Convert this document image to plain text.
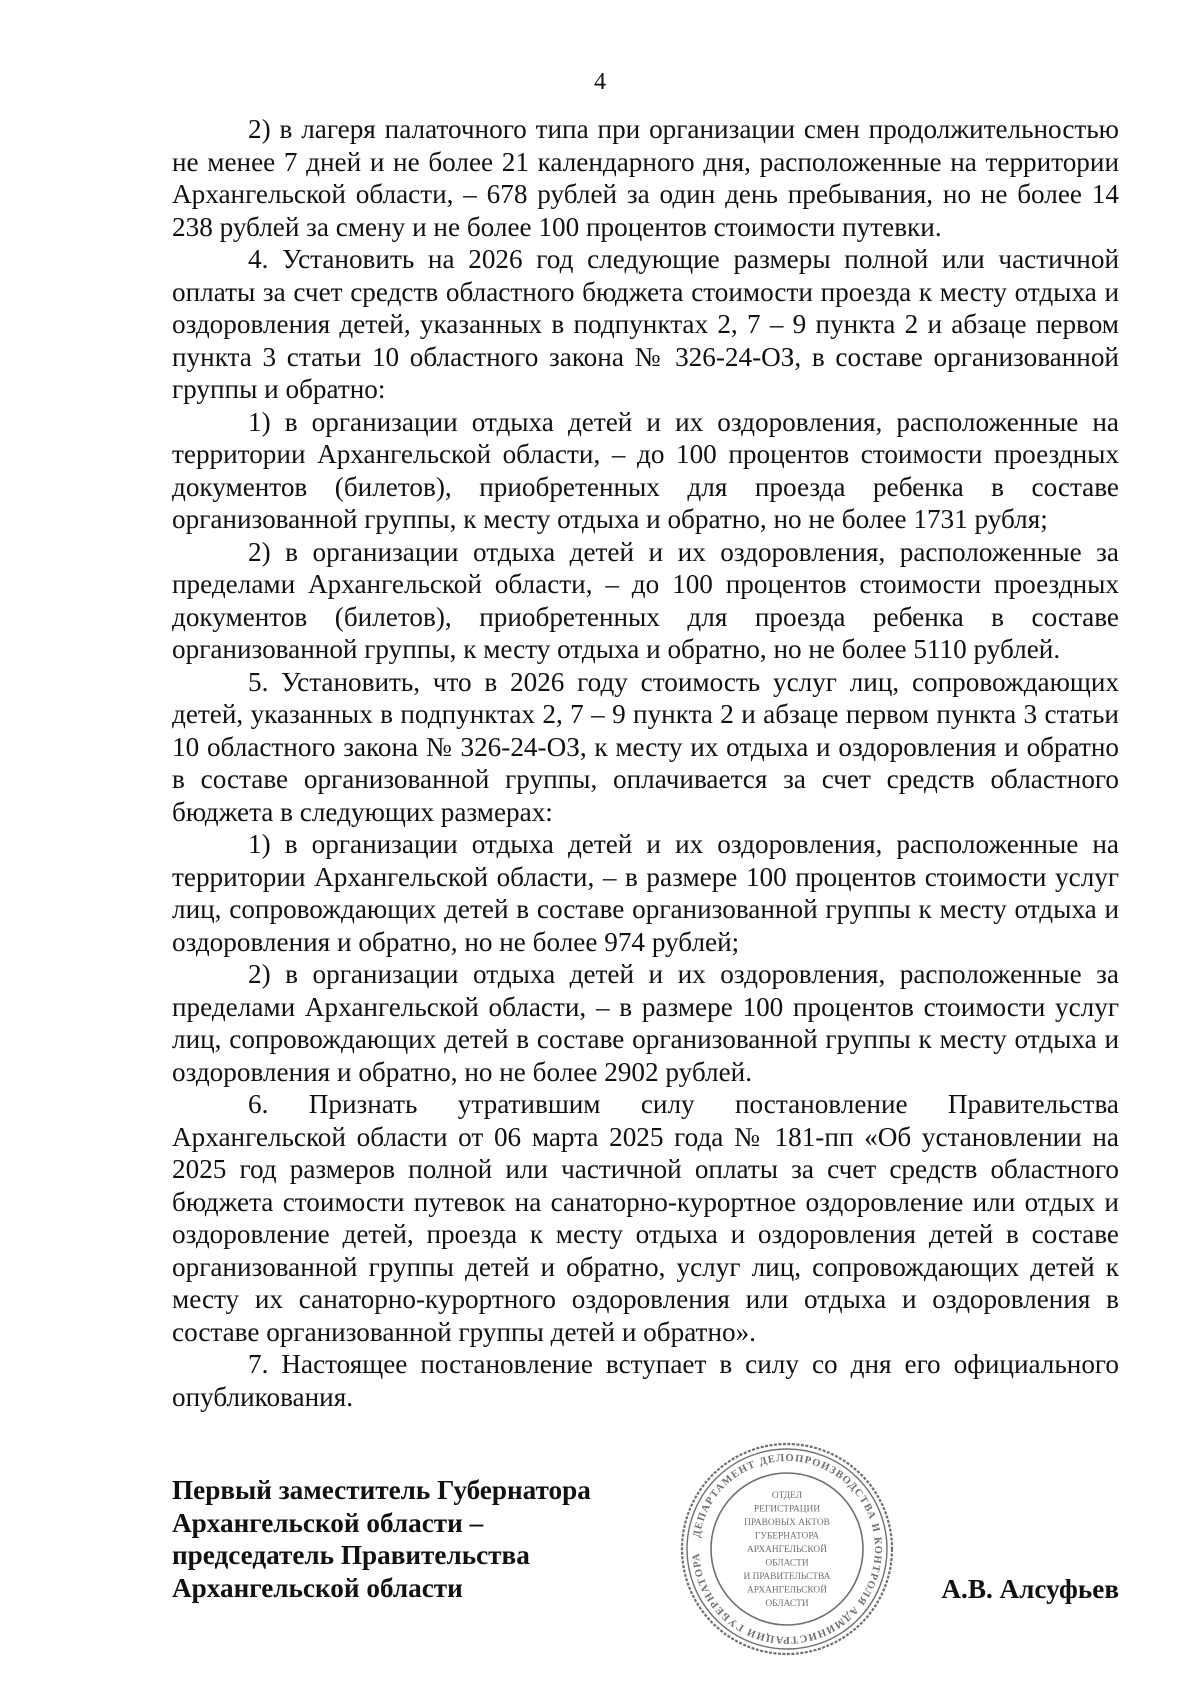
4

2) в лагеря палаточного типа при организации смен продолжительностью не менее 7 дней и не более 21 календарного дня, расположенные на территории Архангельской области, – 678 рублей за один день пребывания, но не более 14 238 рублей за смену и не более 100 процентов стоимости путевки.

4. Установить на 2026 год следующие размеры полной или частичной оплаты за счет средств областного бюджета стоимости проезда к месту отдыха и оздоровления детей, указанных в подпунктах 2, 7 – 9 пункта 2 и абзаце первом пункта 3 статьи 10 областного закона № 326-24-ОЗ, в составе организованной группы и обратно:

1) в организации отдыха детей и их оздоровления, расположенные на территории Архангельской области, – до 100 процентов стоимости проездных документов (билетов), приобретенных для проезда ребенка в составе организованной группы, к месту отдыха и обратно, но не более 1731 рубля;

2) в организации отдыха детей и их оздоровления, расположенные за пределами Архангельской области, – до 100 процентов стоимости проездных документов (билетов), приобретенных для проезда ребенка в составе организованной группы, к месту отдыха и обратно, но не более 5110 рублей.

5. Установить, что в 2026 году стоимость услуг лиц, сопровождающих детей, указанных в подпунктах 2, 7 – 9 пункта 2 и абзаце первом пункта 3 статьи 10 областного закона № 326-24-ОЗ, к месту их отдыха и оздоровления и обратно в составе организованной группы, оплачивается за счет средств областного бюджета в следующих размерах:

1) в организации отдыха детей и их оздоровления, расположенные на территории Архангельской области, – в размере 100 процентов стоимости услуг лиц, сопровождающих детей в составе организованной группы к месту отдыха и оздоровления и обратно, но не более 974 рублей;

2) в организации отдыха детей и их оздоровления, расположенные за пределами Архангельской области, – в размере 100 процентов стоимости услуг лиц, сопровождающих детей в составе организованной группы к месту отдыха и оздоровления и обратно, но не более 2902 рублей.

6. Признать утратившим силу постановление Правительства Архангельской области от 06 марта 2025 года № 181-пп «Об установлении на 2025 год размеров полной или частичной оплаты за счет средств областного бюджета стоимости путевок на санаторно-курортное оздоровление или отдых и оздоровление детей, проезда к месту отдыха и оздоровления детей в составе организованной группы детей и обратно, услуг лиц, сопровождающих детей к месту их санаторно-курортного оздоровления или отдыха и оздоровления в составе организованной группы детей и обратно».

7. Настоящее постановление вступает в силу со дня его официального опубликования.

Первый заместитель Губернатора
Архангельской области –
председатель Правительства
Архангельской области
ДЕПАРТАМЕНТ ДЕЛОПРОИЗВОДСТВА И КОНТРОЛЯ АДМИНИСТРАЦИИ ГУБЕРНАТОРА
ОТДЕЛ
РЕГИСТРАЦИИ
ПРАВОВЫХ АКТОВ
ГУБЕРНАТОРА
АРХАНГЕЛЬСКОЙ
ОБЛАСТИ
И ПРАВИТЕЛЬСТВА
АРХАНГЕЛЬСКОЙ
ОБЛАСТИ	А.В. Алсуфьев
